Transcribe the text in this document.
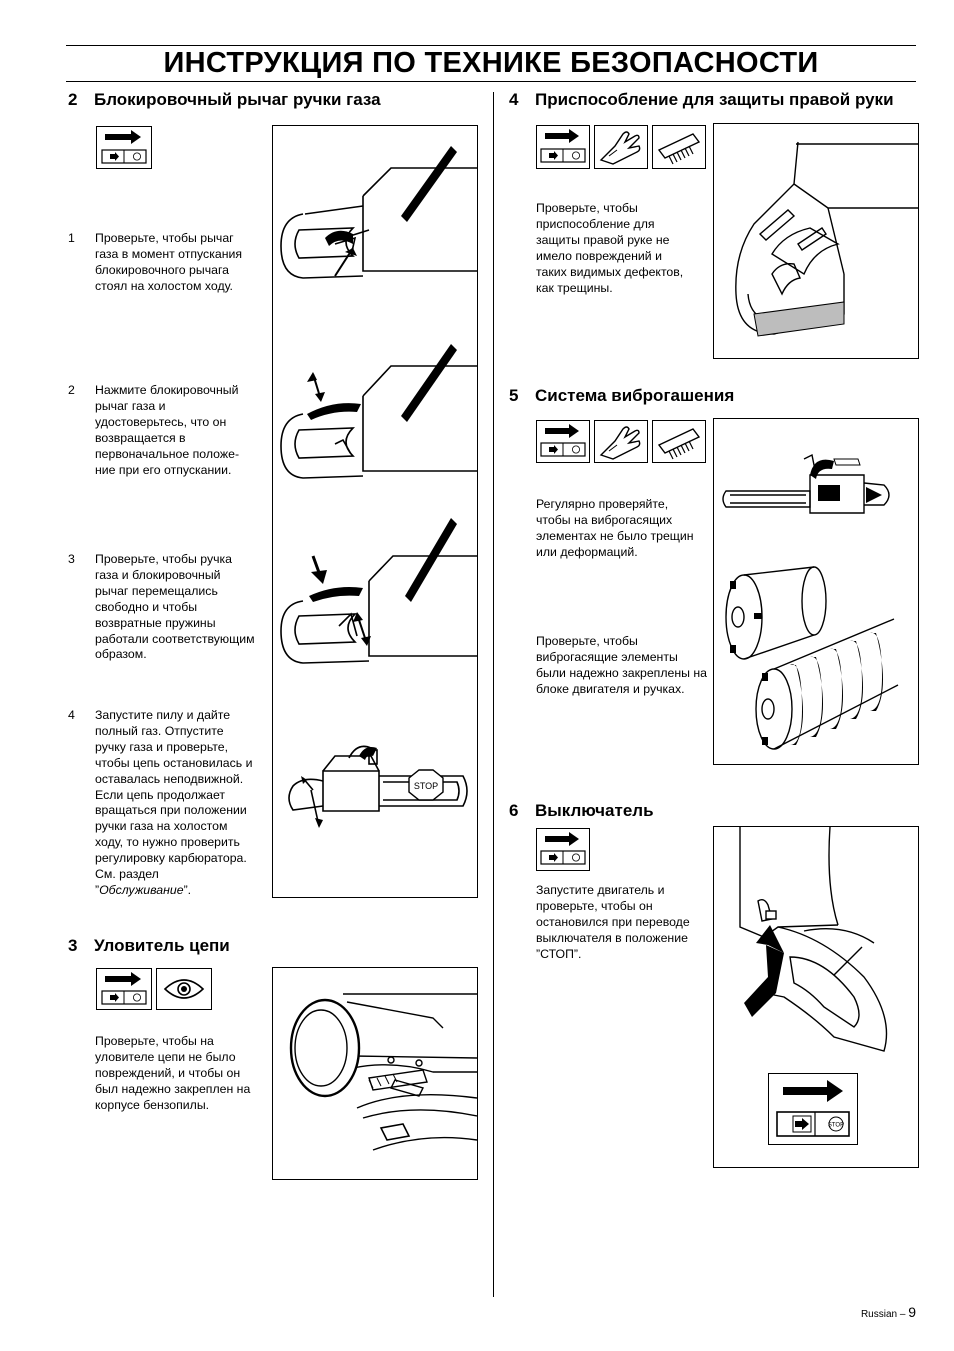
ИНСТРУКЦИЯ ПО ТЕХНИКЕ БЕЗОПАСНОСТИ
2 Блокировочный рычаг ручки газа
STOP
1 Проверьте, чтобы рычаг
газа в момент отпускания
блокировочного рычага
стоял на холостом ходу.
2 Нажмите блокировочный
рычаг газа и
удостоверьтесь, что он
возвращается в
первоначальное положе-
ние при его отпускании.
3 Проверьте, чтобы ручка
газа и блокировочный
рычаг перемещались
свободно и чтобы
возвратные пружины
работали соответствующим
образом.
4 Запустите пилу и дайте
полный газ. Отпустите
ручку газа и проверьте,
чтобы цепь остановилась и
оставалась неподвижной.
Если цепь продолжает
вращаться при положении
ручки газа на холостом
ходу, то нужно проверить
регулировку карбюратора.
См. раздел
”Обслуживание”.
3 Уловитель цепи
Проверьте, чтобы на
уловителе цепи не было
повреждений, и чтобы он
был надежно закреплен на
корпусе бензопилы.
4 Приспособление для защиты правой руки
Проверьте, чтобы
приспособление для
защиты правой руке не
имело повреждений и
таких видимых дефектов,
как трещины.
5 Система виброгашения
Регулярно проверяйте,
чтобы на виброгасящих
элементах не было трещин
или деформаций.
Проверьте, чтобы
виброгасящие элементы
были надежно закреплены на
блоке двигателя и ручках.
6 Выключатель
Запустите двигатель и
проверьте, чтобы он
остановился при переводе
выключателя в положение
”СТОП”.
STOP
Russian – 9
